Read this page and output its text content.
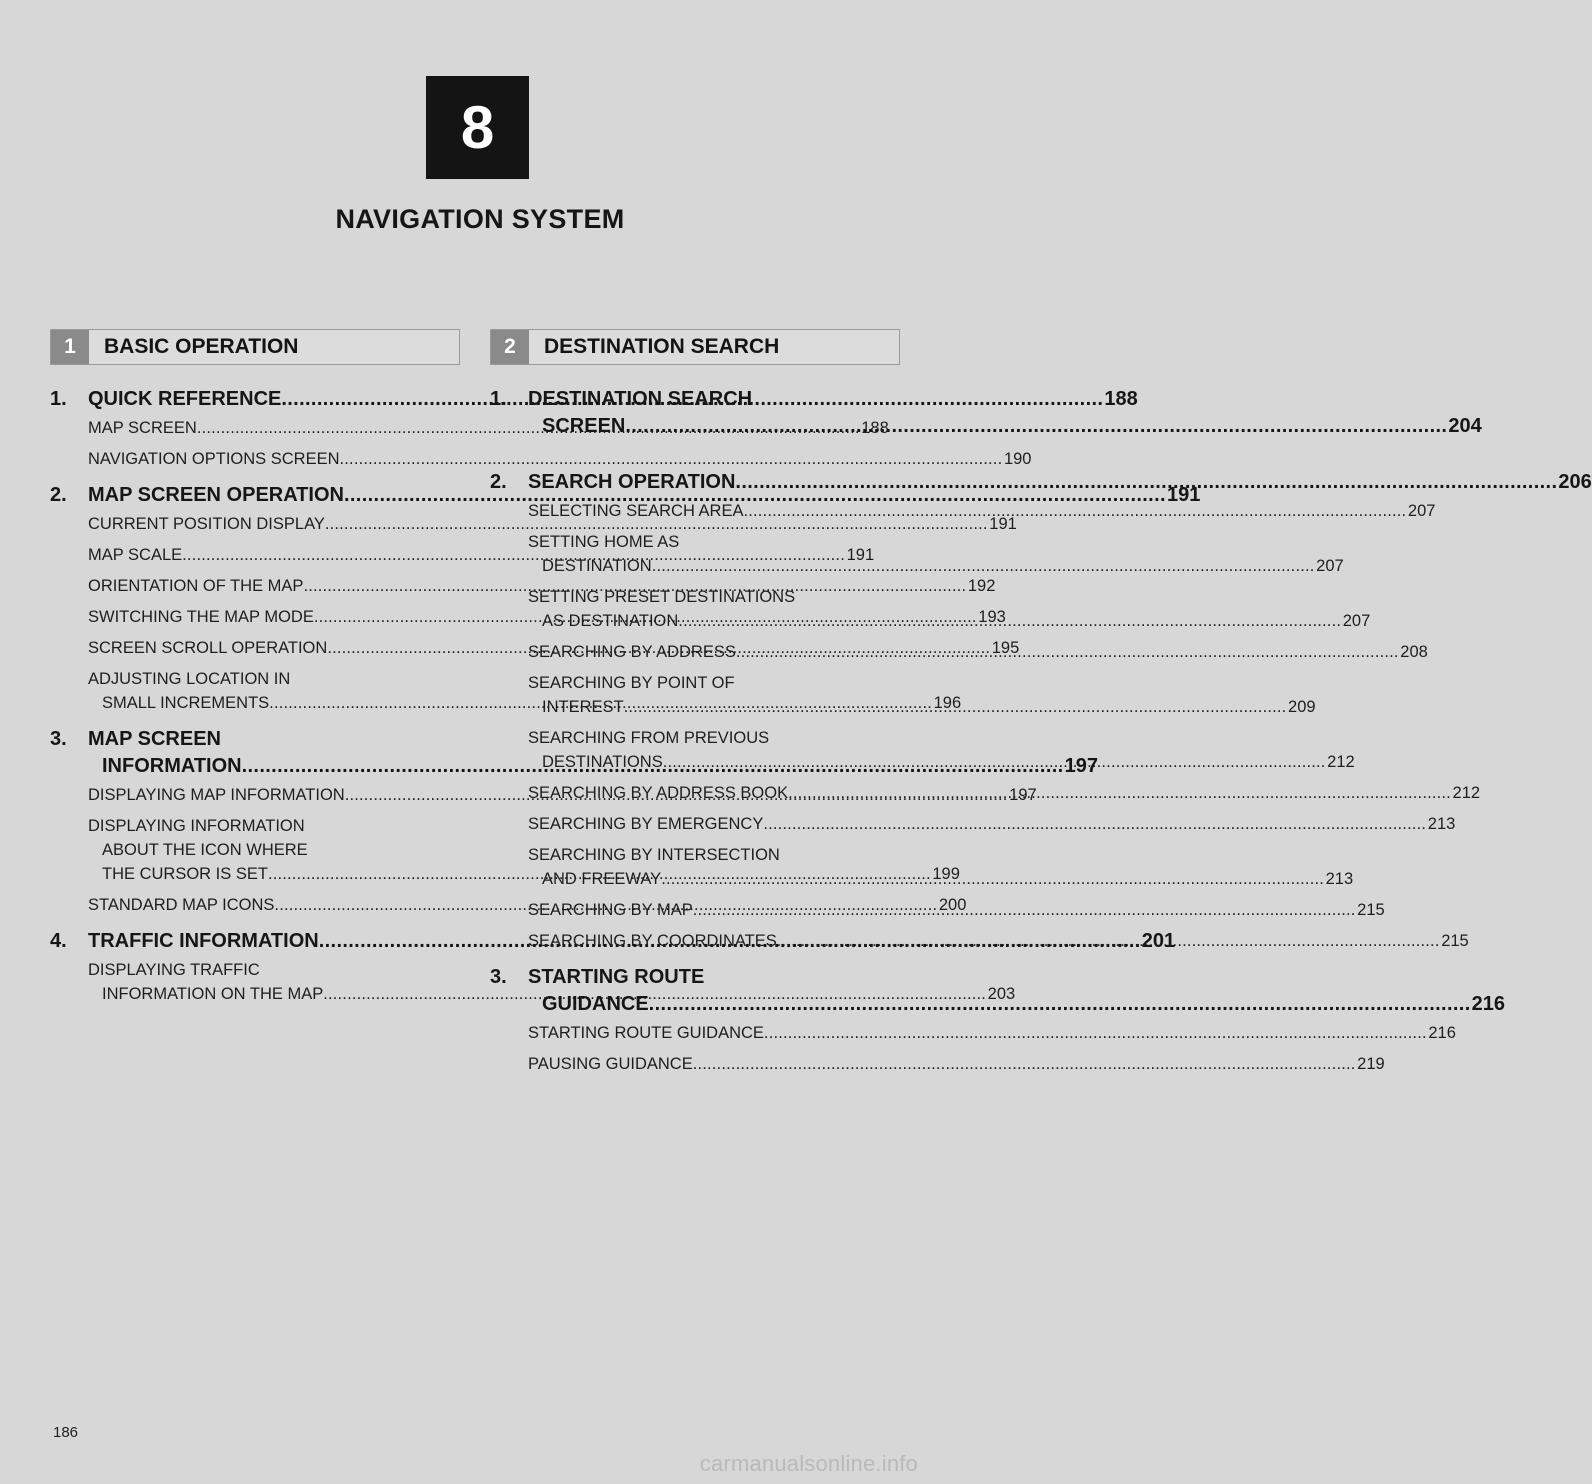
8
NAVIGATION SYSTEM
1	BASIC OPERATION
1.	QUICK REFERENCE . . .	188
MAP SCREEN . . .	188
NAVIGATION OPTIONS SCREEN . . .	190
2.	MAP SCREEN OPERATION . . .	191
CURRENT POSITION DISPLAY . . .	191
MAP SCALE . . .	191
ORIENTATION OF THE MAP . . .	192
SWITCHING THE MAP MODE . . .	193
SCREEN SCROLL OPERATION . . .	195
ADJUSTING LOCATION IN
SMALL INCREMENTS . . .	196
3.	MAP SCREEN
INFORMATION . . .	197
DISPLAYING MAP INFORMATION . . .	197
DISPLAYING INFORMATION
ABOUT THE ICON WHERE
THE CURSOR IS SET . . .	199
STANDARD MAP ICONS . . .	200
4.	TRAFFIC INFORMATION . . .	201
DISPLAYING TRAFFIC
INFORMATION ON THE MAP . . .	203
2	DESTINATION SEARCH
1.	DESTINATION SEARCH
SCREEN . . .	204
2.	SEARCH OPERATION . . .	206
SELECTING SEARCH AREA . . .	207
SETTING HOME AS
DESTINATION . . .	207
SETTING PRESET DESTINATIONS
AS DESTINATION . . .	207
SEARCHING BY ADDRESS . . .	208
SEARCHING BY POINT OF
INTEREST . . .	209
SEARCHING FROM PREVIOUS
DESTINATIONS . . .	212
SEARCHING BY ADDRESS BOOK . . .	212
SEARCHING BY EMERGENCY . . .	213
SEARCHING BY INTERSECTION
AND FREEWAY . . .	213
SEARCHING BY MAP . . .	215
SEARCHING BY COORDINATES . . .	215
3.	STARTING ROUTE
GUIDANCE . . .	216
STARTING ROUTE GUIDANCE . . .	216
PAUSING GUIDANCE . . .	219
186
carmanualsonline.info
